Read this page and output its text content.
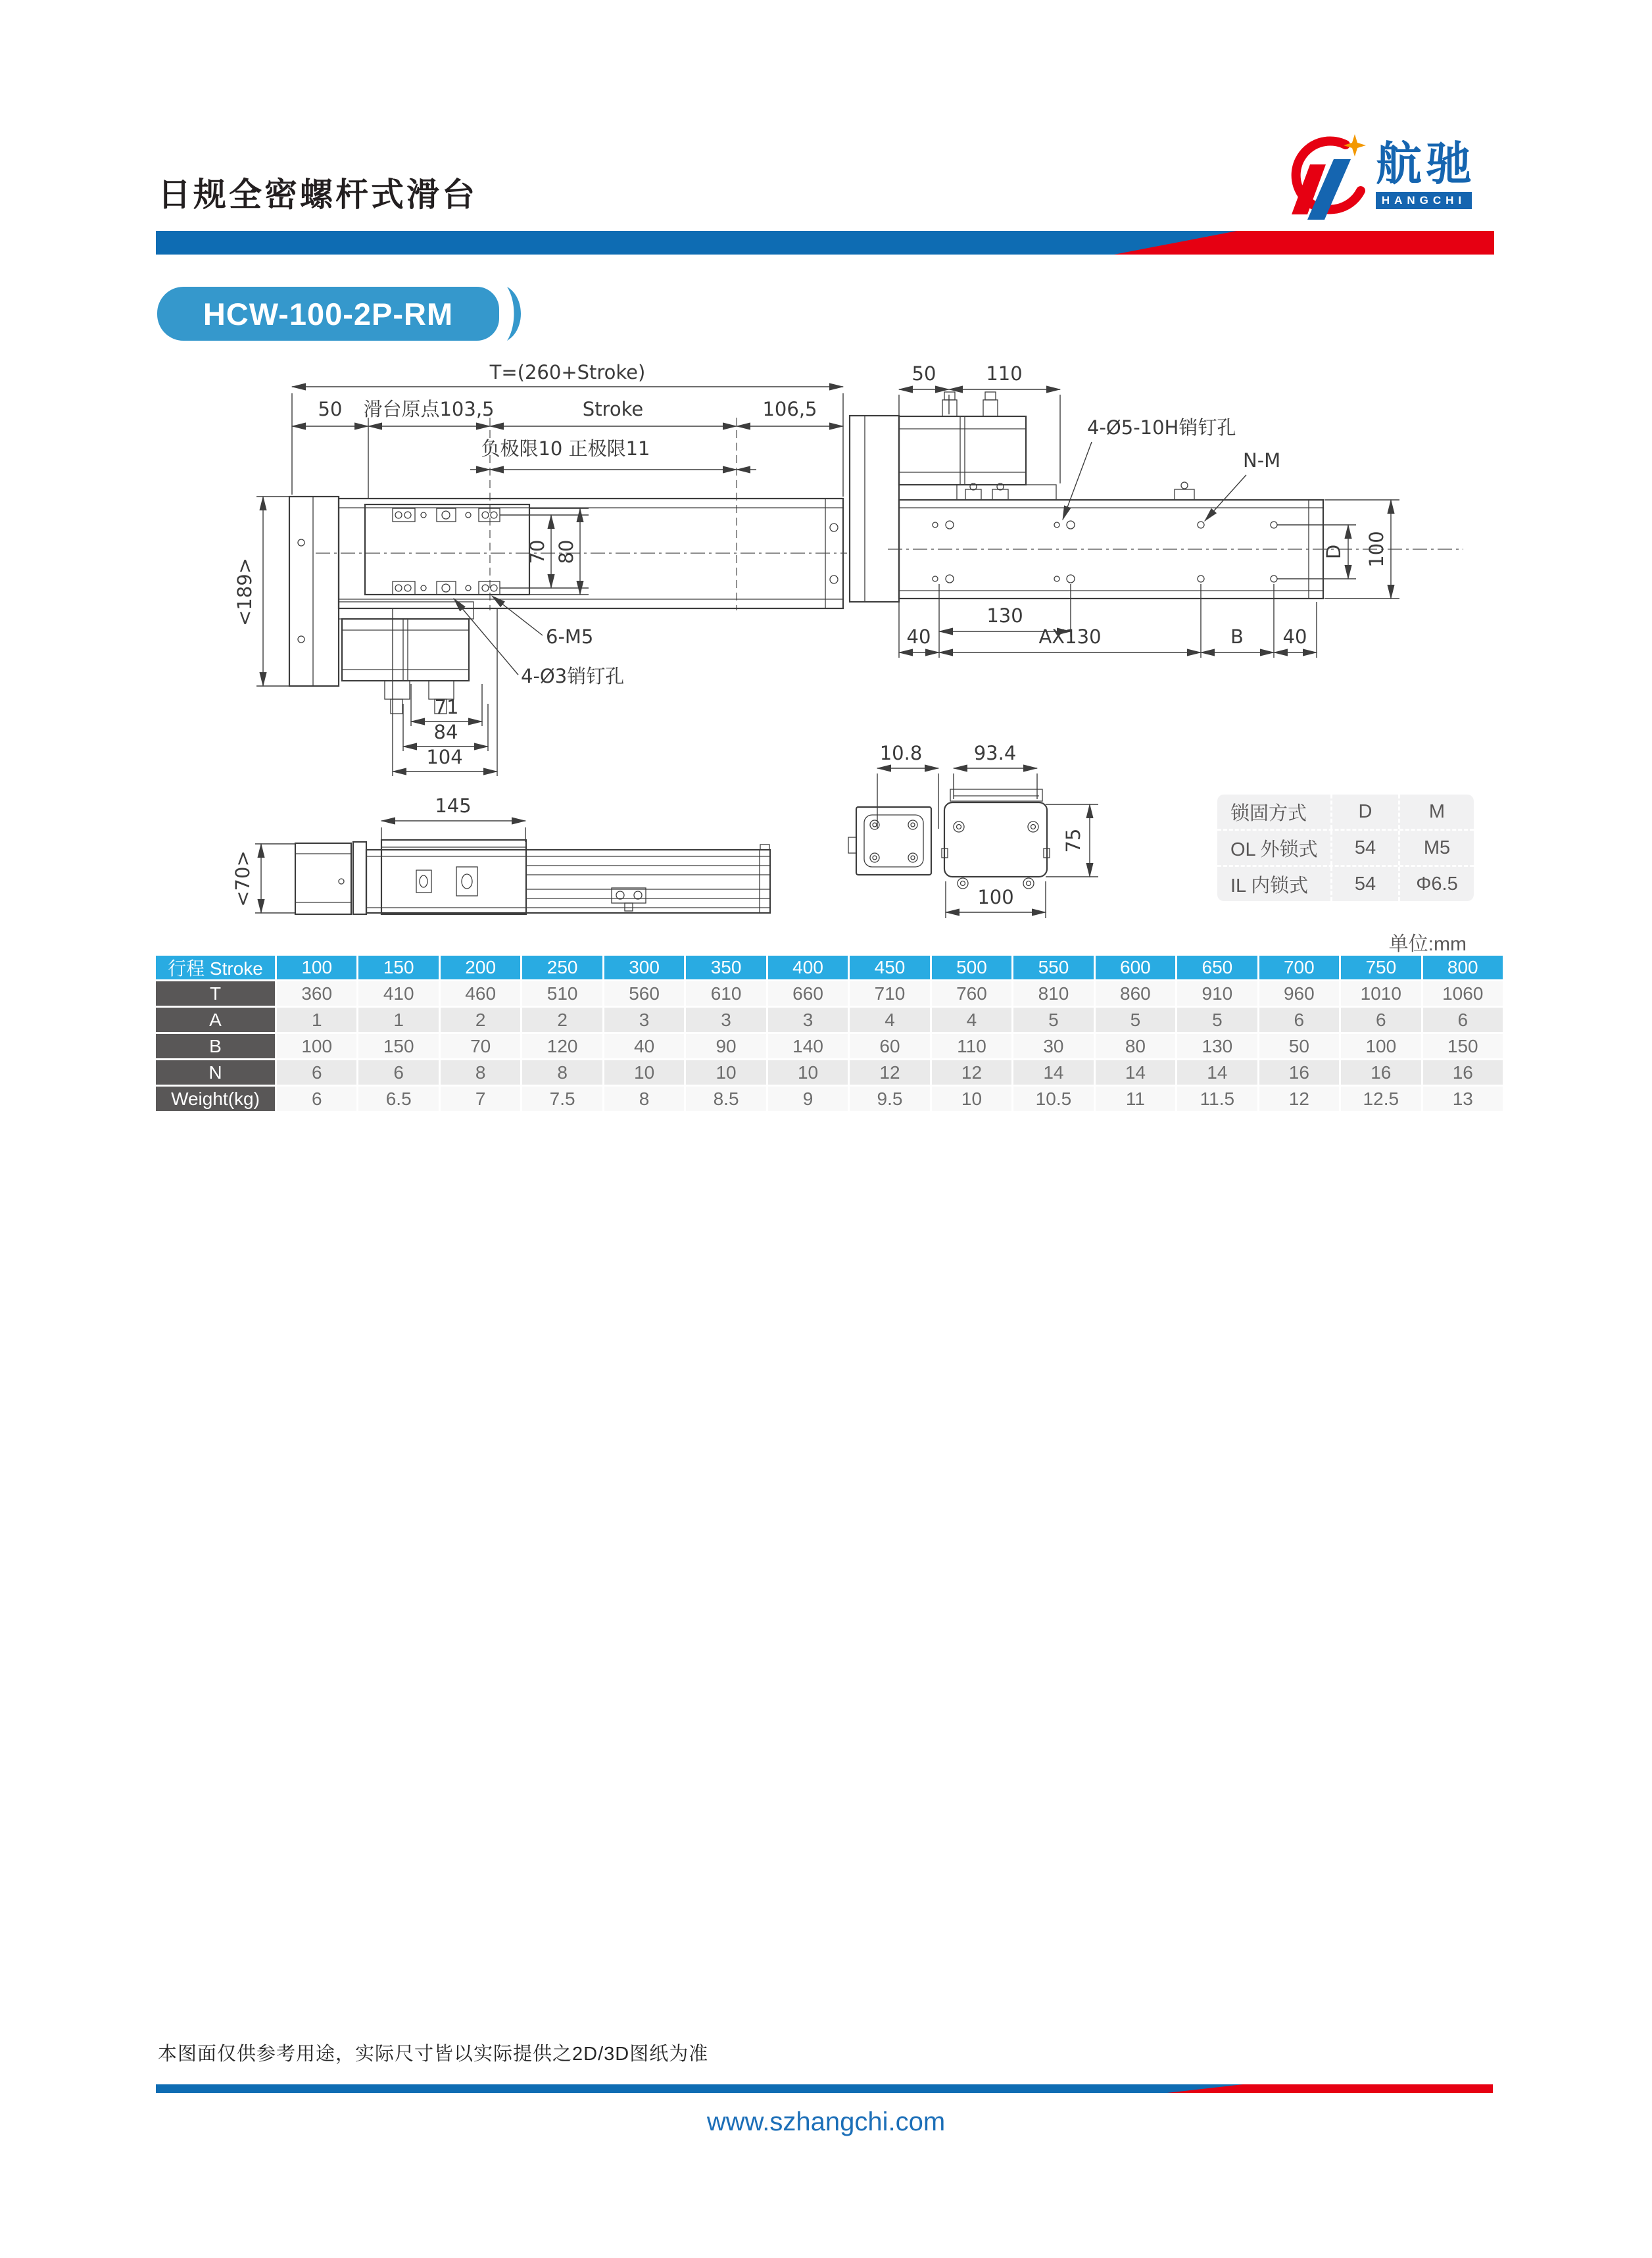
日规全密螺杆式滑台
航驰
HANGCHI
HCW-100-2P-RM
T=(260+Stroke)
50 滑台原点103,5	Stroke	106,5
负极限10 正极限11
<189>
70 80
6-M5
4-Ø3销钉孔
71
84
104
50	110
4-Ø5-10H销钉孔
N-M
D 100
130
40	AX130	B 40
145
<70>
10.8	93.4
75
100
锁固方式	D	M
OL 外锁式	54	M5
IL 内锁式	54	Φ6.5
单位:mm
行程 Stroke	100	150	200	250	300	350	400	450	500	550	600	650	700	750	800
T	360	410	460	510	560	610	660	710	760	810	860	910	960	1010	1060
A	1	1	2	2	3	3	3	4	4	5	5	5	6	6	6
B	100	150	70	120	40	90	140	60	110	30	80	130	50	100	150
N	6	6	8	8	10	10	10	12	12	14	14	14	16	16	16
Weight(kg)	6	6.5	7	7.5	8	8.5	9	9.5	10	10.5	11	11.5	12	12.5	13
本图面仅供参考用途，实际尺寸皆以实际提供之2D/3D图纸为准
www.szhangchi.com
